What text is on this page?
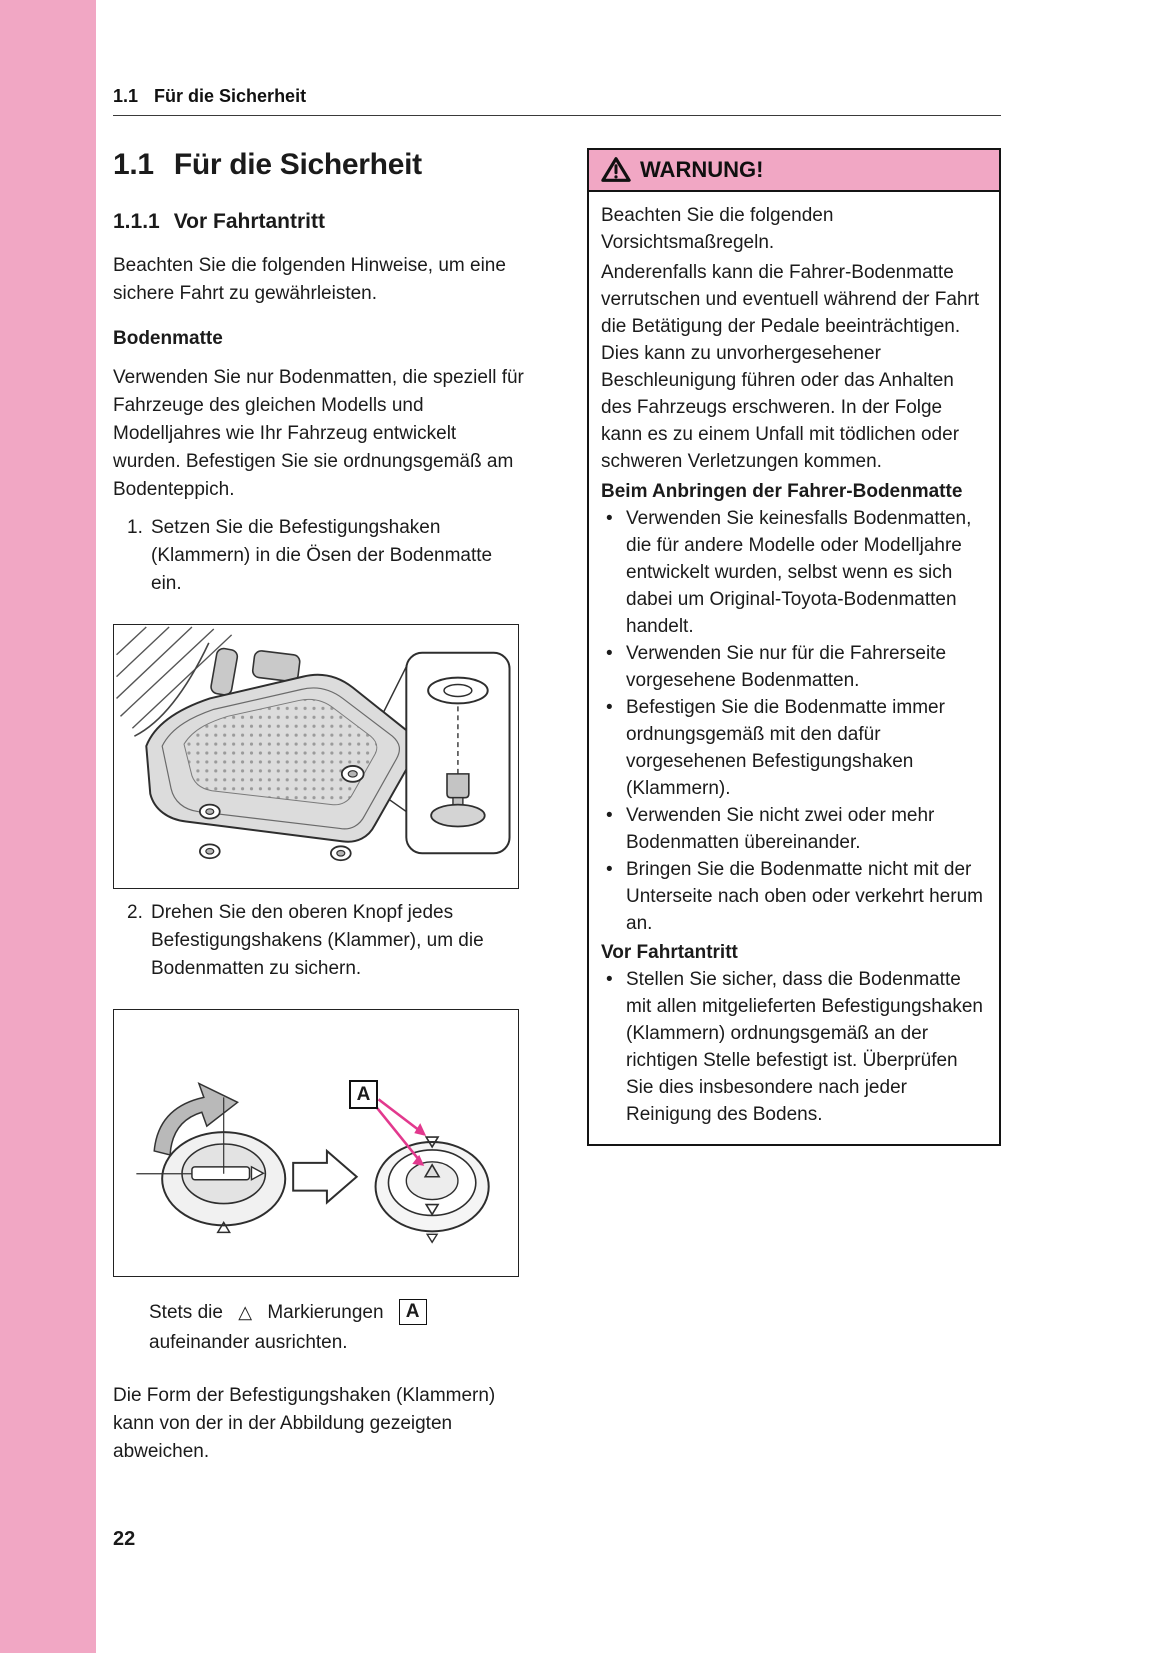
1.1 Für die Sicherheit
1.1 Für die Sicherheit
1.1.1 Vor Fahrtantritt

Beachten Sie die folgenden Hinweise, um eine sichere Fahrt zu gewährleisten.

Bodenmatte

Verwenden Sie nur Bodenmatten, die speziell für Fahrzeuge des gleichen Modells und Modelljahres wie Ihr Fahrzeug entwickelt wurden. Befestigen Sie sie ordnungsgemäß am Bodenteppich.

1. Setzen Sie die Befestigungshaken (Klammern) in die Ösen der Bodenmatte ein.
2. Drehen Sie den oberen Knopf jedes Befestigungshakens (Klammer), um die Bodenmatten zu sichern.
A

Stets die △ Markierungen A aufeinander ausrichten.

Die Form der Befestigungshaken (Klammern) kann von der in der Abbildung gezeigten abweichen.

WARNUNG!

Beachten Sie die folgenden Vorsichtsmaßregeln.

Anderenfalls kann die Fahrer-Bodenmatte verrutschen und eventuell während der Fahrt die Betätigung der Pedale beeinträchtigen. Dies kann zu unvorhergesehener Beschleunigung führen oder das Anhalten des Fahrzeugs erschweren. In der Folge kann es zu einem Unfall mit tödlichen oder schweren Verletzungen kommen.

Beim Anbringen der Fahrer-Bodenmatte
• Verwenden Sie keinesfalls Bodenmatten, die für andere Modelle oder Modelljahre entwickelt wurden, selbst wenn es sich dabei um Original-Toyota-Bodenmatten handelt.
• Verwenden Sie nur für die Fahrerseite vorgesehene Bodenmatten.
• Befestigen Sie die Bodenmatte immer ordnungsgemäß mit den dafür vorgesehenen Befestigungshaken (Klammern).
• Verwenden Sie nicht zwei oder mehr Bodenmatten übereinander.
• Bringen Sie die Bodenmatte nicht mit der Unterseite nach oben oder verkehrt herum an.
Vor Fahrtantritt
• Stellen Sie sicher, dass die Bodenmatte mit allen mitgelieferten Befestigungshaken (Klammern) ordnungsgemäß an der richtigen Stelle befestigt ist. Überprüfen Sie dies insbesondere nach jeder Reinigung des Bodens.
22
